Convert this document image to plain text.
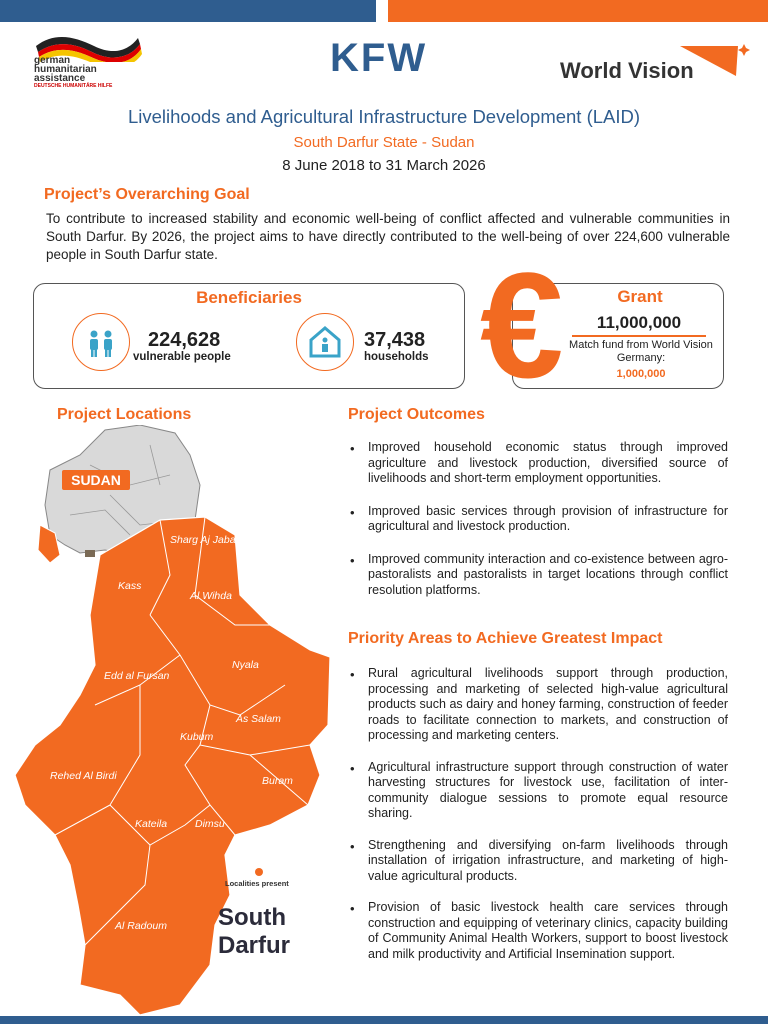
german
humanitarian
assistance
DEUTSCHE HUMANITÄRE HILFE
KFW	World Vision
Livelihoods and Agricultural Infrastructure Development (LAID)
South Darfur State - Sudan
8 June 2018 to 31 March 2026
Project’s Overarching Goal
To contribute to increased stability and economic well-being of conflict affected and vulnerable communities in South Darfur. By 2026, the project aims to have directly contributed to the well-being of over 224,600 vulnerable people in South Darfur state.
Beneficiaries
224,628
vulnerable people
37,438
households €	Grant
11,000,000
Match fund from World Vision Germany:
1,000,000
Project Locations
SUDAN
Sharg Aj Jabal
Kass
Al Wihda
Nyala
Edd al Fursan
As Salam
Kubum
Rehed Al Birdi	Buram
Kateila	Dimsu
Al Radoum
Localities present
South
Darfur
Project Outcomes
• Improved household economic status through improved agriculture and livestock production, diversified source of livelihoods and short-term employment opportunities.
• Improved basic services through provision of infrastructure for agricultural and livestock production.
• Improved community interaction and co-existence between agro-pastoralists and pastoralists in target locations through conflict resolution platforms.
Priority Areas to Achieve Greatest Impact
• Rural agricultural livelihoods support through production, processing and marketing of selected high-value agricultural products such as dairy and honey farming, construction of feeder roads to facilitate connection to markets, and construction of processing and marketing centers.
• Agricultural infrastructure support through construction of water harvesting structures for livestock use, facilitation of inter-community dialogue sessions to promote equal resource sharing.
• Strengthening and diversifying on-farm livelihoods through installation of irrigation infrastructure, and marketing of high-value agricultural products.
• Provision of basic livestock health care services through construction and equipping of veterinary clinics, capacity building of Community Animal Health Workers, support to boost livestock and milk productivity and Artificial Insemination support.
